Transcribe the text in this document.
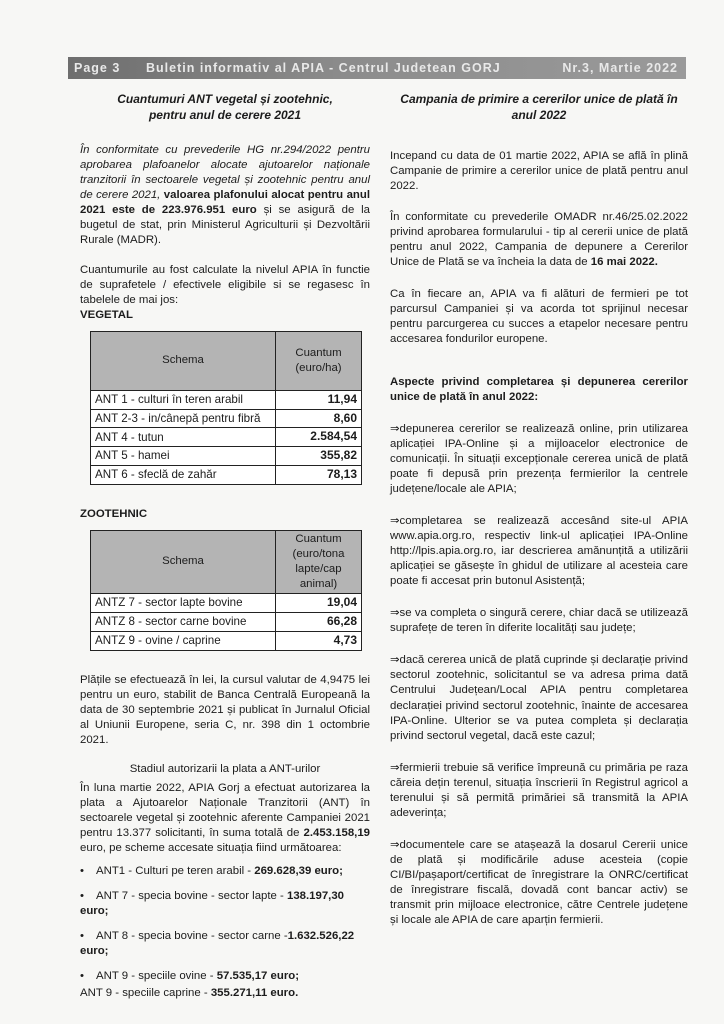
Page 3	Buletin informativ al APIA - Centrul Judetean GORJ	Nr.3, Martie 2022
Cuantumuri ANT vegetal și zootehnic,
pentru anul de cerere 2021

În conformitate cu prevederile HG nr.294/2022 pentru aprobarea plafoanelor alocate ajutoarelor naționale tranzitorii în sectoarele vegetal și zootehnic pentru anul de cerere 2021, valoarea plafonului alocat pentru anul 2021 este de 223.976.951 euro și se asigură de la bugetul de stat, prin Ministerul Agriculturii și Dezvoltării Rurale (MADR).

Cuantumurile au fost calculate la nivelul APIA în functie de suprafetele / efectivele eligibile si se regasesc în tabelele de mai jos:

VEGETAL
Schema	Cuantum (euro/ha)
ANT 1 - culturi în teren arabil	11,94
ANT 2-3 - in/cânepă pentru fibră	8,60
ANT 4 - tutun	2.584,54
ANT 5 - hamei	355,82
ANT 6 - sfeclă de zahăr	78,13
ZOOTEHNIC
Schema	Cuantum (euro/tona lapte/cap animal)
ANTZ 7 - sector lapte bovine	19,04
ANTZ 8 - sector carne bovine	66,28
ANTZ 9 - ovine / caprine	4,73

Plățile se efectuează în lei, la cursul valutar de 4,9475 lei pentru un euro, stabilit de Banca Centrală Europeană la data de 30 septembrie 2021 și publicat în Jurnalul Oficial al Uniunii Europene, seria C, nr. 398 din 1 octombrie 2021.

Stadiul autorizarii la plata a ANT-urilor

În luna martie 2022, APIA Gorj a efectuat autorizarea la plata a Ajutoarelor Naționale Tranzitorii (ANT) în sectoarele vegetal și zootehnic aferente Campaniei 2021 pentru 13.377 solicitanti, în suma totală de 2.453.158,19 euro, pe scheme accesate situația fiind următoarea:

• ANT1 - Culturi pe teren arabil - 269.628,39 euro;
• ANT 7 - specia bovine - sector lapte - 138.197,30 euro;
• ANT 8 - specia bovine - sector carne -1.632.526,22 euro;
• ANT 9 - speciile ovine - 57.535,17 euro;
ANT 9 - speciile caprine - 355.271,11 euro.
Campania de primire a cererilor unice de plată în
anul 2022

Incepand cu data de 01 martie 2022, APIA se află în plină Campanie de primire a cererilor unice de plată pentru anul 2022.

În conformitate cu prevederile OMADR nr.46/25.02.2022 privind aprobarea formularului - tip al cererii unice de plată pentru anul 2022, Campania de depunere a Cererilor Unice de Plată se va încheia la data de 16 mai 2022.

Ca în fiecare an, APIA va fi alături de fermieri pe tot parcursul Campaniei și va acorda tot sprijinul necesar pentru parcurgerea cu succes a etapelor necesare pentru accesarea fondurilor europene.

Aspecte privind completarea și depunerea cererilor unice de plată în anul 2022:

⇒depunerea cererilor se realizează online, prin utilizarea aplicației IPA-Online și a mijloacelor electronice de comunicații. În situații excepționale cererea unică de plată poate fi depusă prin prezența fermierilor la centrele județene/locale ale APIA;

⇒completarea se realizează accesând site-ul APIA www.apia.org.ro, respectiv link-ul aplicației IPA-Online http://lpis.apia.org.ro, iar descrierea amănunțită a utilizării aplicației se găsește în ghidul de utilizare al acesteia care poate fi accesat prin butonul Asistență;

⇒se va completa o singură cerere, chiar dacă se utilizează suprafețe de teren în diferite localități sau județe;

⇒dacă cererea unică de plată cuprinde și declarație privind sectorul zootehnic, solicitantul se va adresa prima dată Centrului Județean/Local APIA pentru completarea declarației privind sectorul zootehnic, înainte de accesarea IPA-Online. Ulterior se va putea completa și declarația privind sectorul vegetal, dacă este cazul;

⇒fermierii trebuie să verifice împreună cu primăria pe raza căreia dețin terenul, situația înscrierii în Registrul agricol a terenului și să permită primăriei să transmită la APIA adeverința;

⇒documentele care se atașează la dosarul Cererii unice de plată și modificările aduse acesteia (copie CI/BI/pașaport/certificat de înregistrare la ONRC/certificat de înregistrare fiscală, dovadă cont bancar activ) se transmit prin mijloace electronice, către Centrele județene și locale ale APIA de care aparțin fermierii.
